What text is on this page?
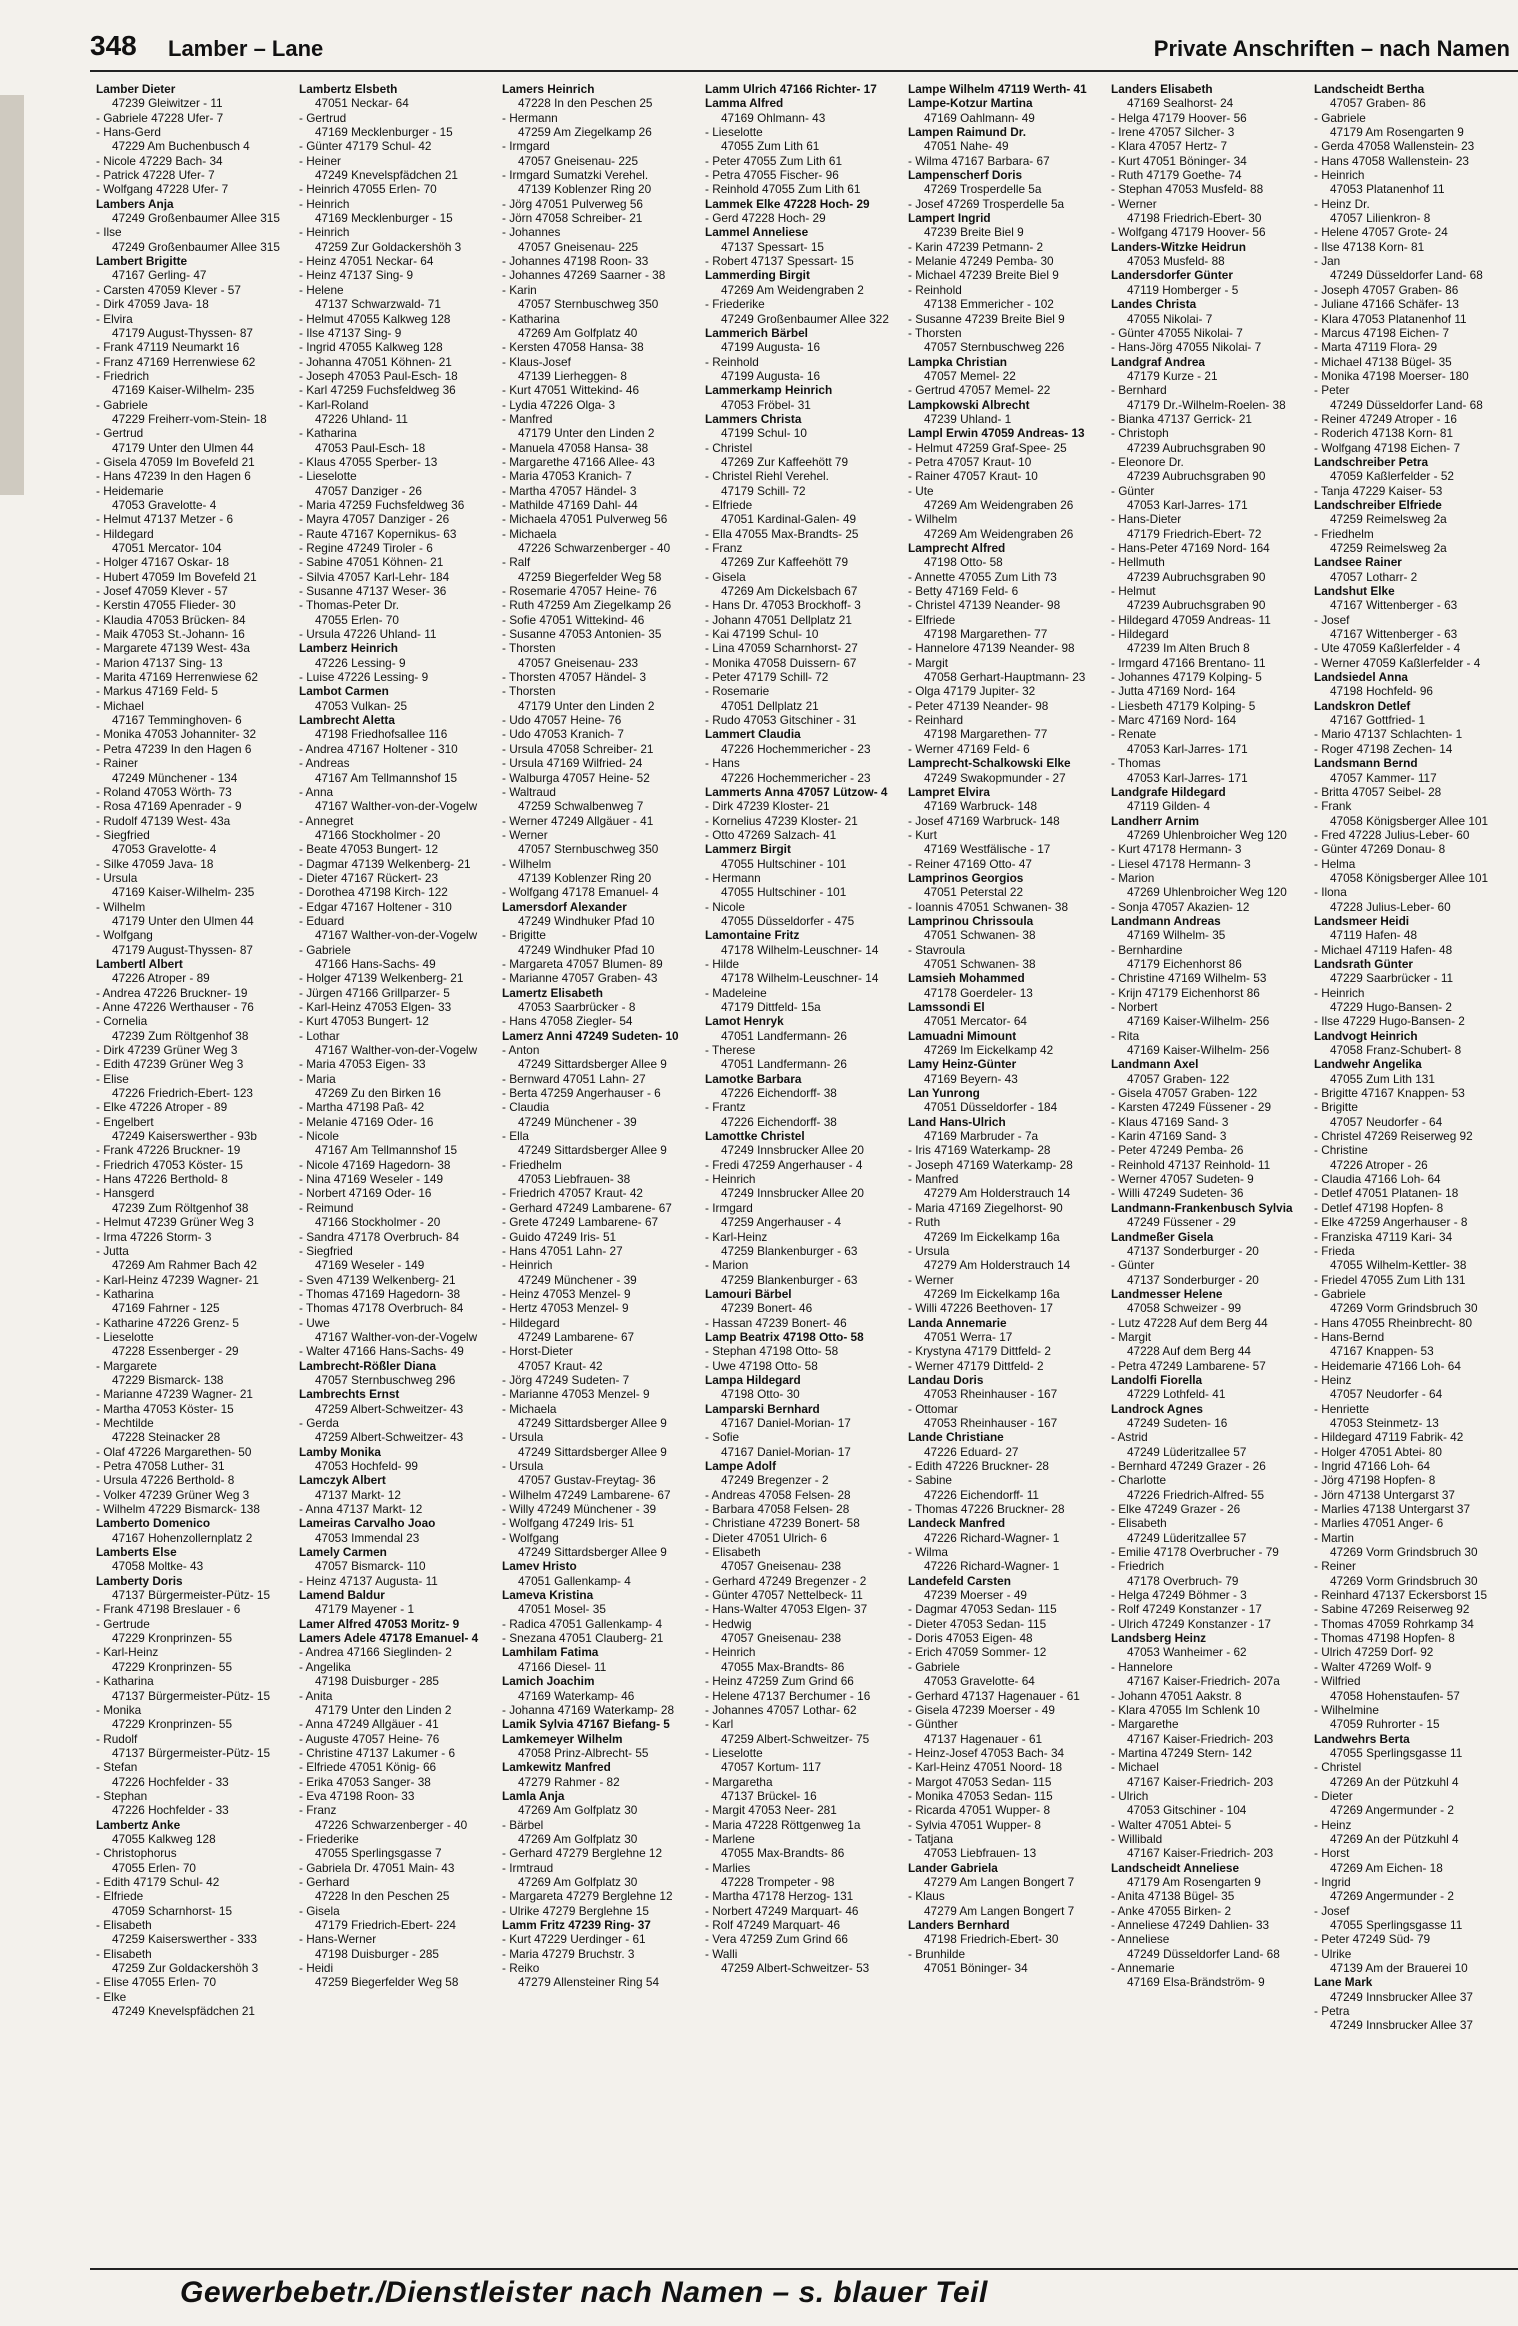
348 Lamber – Lane	Private Anschriften – nach Namen
Lamber Dieter
47239 Gleiwitzer - 11
- Gabriele 47228 Ufer- 7
- Hans-Gerd
47229 Am Buchenbusch 4
- Nicole 47229 Bach- 34
- Patrick 47228 Ufer- 7
- Wolfgang 47228 Ufer- 7
Lambers Anja
47249 Großenbaumer Allee 315
- Ilse
47249 Großenbaumer Allee 315
Lambert Brigitte
47167 Gerling- 47
- Carsten 47059 Klever - 57
- Dirk 47059 Java- 18
- Elvira
47179 August-Thyssen- 87
- Frank 47119 Neumarkt 16
- Franz 47169 Herrenwiese 62
- Friedrich
47169 Kaiser-Wilhelm- 235
- Gabriele
47229 Freiherr-vom-Stein- 18
- Gertrud
47179 Unter den Ulmen 44
- Gisela 47059 Im Bovefeld 21
- Hans 47239 In den Hagen 6
- Heidemarie
47053 Gravelotte- 4
- Helmut 47137 Metzer - 6
- Hildegard
47051 Mercator- 104
- Holger 47167 Oskar- 18
- Hubert 47059 Im Bovefeld 21
- Josef 47059 Klever - 57
- Kerstin 47055 Flieder- 30
- Klaudia 47053 Brücken- 84
- Maik 47053 St.-Johann- 16
- Margarete 47139 West- 43a
- Marion 47137 Sing- 13
- Marita 47169 Herrenwiese 62
- Markus 47169 Feld- 5
- Michael
47167 Temminghoven- 6
- Monika 47053 Johanniter- 32
- Petra 47239 In den Hagen 6
- Rainer
47249 Münchener - 134
- Roland 47053 Wörth- 73
- Rosa 47169 Apenrader - 9
- Rudolf 47139 West- 43a
- Siegfried
47053 Gravelotte- 4
- Silke 47059 Java- 18
- Ursula
47169 Kaiser-Wilhelm- 235
- Wilhelm
47179 Unter den Ulmen 44
- Wolfgang
47179 August-Thyssen- 87
Lambertl Albert
47226 Atroper - 89
- Andrea 47226 Bruckner- 19
- Anne 47226 Werthauser - 76
- Cornelia
47239 Zum Röltgenhof 38
- Dirk 47239 Grüner Weg 3
- Edith 47239 Grüner Weg 3
- Elise
47226 Friedrich-Ebert- 123
- Elke 47226 Atroper - 89
- Engelbert
47249 Kaiserswerther - 93b
- Frank 47226 Bruckner- 19
- Friedrich 47053 Köster- 15
- Hans 47226 Berthold- 8
- Hansgerd
47239 Zum Röltgenhof 38
- Helmut 47239 Grüner Weg 3
- Irma 47226 Storm- 3
- Jutta
47269 Am Rahmer Bach 42
- Karl-Heinz 47239 Wagner- 21
- Katharina
47169 Fahrner - 125
- Katharine 47226 Grenz- 5
- Lieselotte
47228 Essenberger - 29
- Margarete
47229 Bismarck- 138
- Marianne 47239 Wagner- 21
- Martha 47053 Köster- 15
- Mechtilde
47228 Steinacker 28
- Olaf 47226 Margarethen- 50
- Petra 47058 Luther- 31
- Ursula 47226 Berthold- 8
- Volker 47239 Grüner Weg 3
- Wilhelm 47229 Bismarck- 138
Lamberto Domenico
47167 Hohenzollernplatz 2
Lamberts Else
47058 Moltke- 43
Lamberty Doris
47137 Bürgermeister-Pütz- 15
- Frank 47198 Breslauer - 6
- Gertrude
47229 Kronprinzen- 55
- Karl-Heinz
47229 Kronprinzen- 55
- Katharina
47137 Bürgermeister-Pütz- 15
- Monika
47229 Kronprinzen- 55
- Rudolf
47137 Bürgermeister-Pütz- 15
- Stefan
47226 Hochfelder - 33
- Stephan
47226 Hochfelder - 33
Lambertz Anke
47055 Kalkweg 128
- Christophorus
47055 Erlen- 70
- Edith 47179 Schul- 42
- Elfriede
47059 Scharnhorst- 15
- Elisabeth
47259 Kaiserswerther - 333
- Elisabeth
47259 Zur Goldackershöh 3
- Elise 47055 Erlen- 70
- Elke
47249 Knevelspfädchen 21
Lambertz Elsbeth
47051 Neckar- 64
- Gertrud
47169 Mecklenburger - 15
- Günter 47179 Schul- 42
- Heiner
47249 Knevelspfädchen 21
- Heinrich 47055 Erlen- 70
- Heinrich
47169 Mecklenburger - 15
- Heinrich
47259 Zur Goldackershöh 3
- Heinz 47051 Neckar- 64
- Heinz 47137 Sing- 9
- Helene
47137 Schwarzwald- 71
- Helmut 47055 Kalkweg 128
- Ilse 47137 Sing- 9
- Ingrid 47055 Kalkweg 128
- Johanna 47051 Köhnen- 21
- Joseph 47053 Paul-Esch- 18
- Karl 47259 Fuchsfeldweg 36
- Karl-Roland
47226 Uhland- 11
- Katharina
47053 Paul-Esch- 18
- Klaus 47055 Sperber- 13
- Lieselotte
47057 Danziger - 26
- Maria 47259 Fuchsfeldweg 36
- Mayra 47057 Danziger - 26
- Raute 47167 Kopernikus- 63
- Regine 47249 Tiroler - 6
- Sabine 47051 Köhnen- 21
- Silvia 47057 Karl-Lehr- 184
- Susanne 47137 Weser- 36
- Thomas-Peter Dr.
47055 Erlen- 70
- Ursula 47226 Uhland- 11
Lamberz Heinrich
47226 Lessing- 9
- Luise 47226 Lessing- 9
Lambot Carmen
47053 Vulkan- 25
Lambrecht Aletta
47198 Friedhofsallee 116
- Andrea 47167 Holtener - 310
- Andreas
47167 Am Tellmannshof 15
- Anna
47167 Walther-von-der-Vogelw
- Annegret
47166 Stockholmer - 20
- Beate 47053 Bungert- 12
- Dagmar 47139 Welkenberg- 21
- Dieter 47167 Rückert- 23
- Dorothea 47198 Kirch- 122
- Edgar 47167 Holtener - 310
- Eduard
47167 Walther-von-der-Vogelw
- Gabriele
47166 Hans-Sachs- 49
- Holger 47139 Welkenberg- 21
- Jürgen 47166 Grillparzer- 5
- Karl-Heinz 47053 Elgen- 33
- Kurt 47053 Bungert- 12
- Lothar
47167 Walther-von-der-Vogelw
- Maria 47053 Eigen- 33
- Maria
47269 Zu den Birken 16
- Martha 47198 Paß- 42
- Melanie 47169 Oder- 16
- Nicole
47167 Am Tellmannshof 15
- Nicole 47169 Hagedorn- 38
- Nina 47169 Weseler - 149
- Norbert 47169 Oder- 16
- Reimund
47166 Stockholmer - 20
- Sandra 47178 Overbruch- 84
- Siegfried
47169 Weseler - 149
- Sven 47139 Welkenberg- 21
- Thomas 47169 Hagedorn- 38
- Thomas 47178 Overbruch- 84
- Uwe
47167 Walther-von-der-Vogelw
- Walter 47166 Hans-Sachs- 49
Lambrecht-Rößler Diana
47057 Sternbuschweg 296
Lambrechts Ernst
47259 Albert-Schweitzer- 43
- Gerda
47259 Albert-Schweitzer- 43
Lamby Monika
47053 Hochfeld- 99
Lamczyk Albert
47137 Markt- 12
- Anna 47137 Markt- 12
Lameiras Carvalho Joao
47053 Immendal 23
Lamely Carmen
47057 Bismarck- 110
- Heinz 47137 Augusta- 11
Lamend Baldur
47179 Mayener - 1
Lamer Alfred 47053 Moritz- 9
Lamers Adele 47178 Emanuel- 4
- Andrea 47166 Sieglinden- 2
- Angelika
47198 Duisburger - 285
- Anita
47179 Unter den Linden 2
- Anna 47249 Allgäuer - 41
- Auguste 47057 Heine- 76
- Christine 47137 Lakumer - 6
- Elfriede 47051 König- 66
- Erika 47053 Sanger- 38
- Eva 47198 Roon- 33
- Franz
47226 Schwarzenberger - 40
- Friederike
47055 Sperlingsgasse 7
- Gabriela Dr. 47051 Main- 43
- Gerhard
47228 In den Peschen 25
- Gisela
47179 Friedrich-Ebert- 224
- Hans-Werner
47198 Duisburger - 285
- Heidi
47259 Biegerfelder Weg 58
Lamers Heinrich
47228 In den Peschen 25
- Hermann
47259 Am Ziegelkamp 26
- Irmgard
47057 Gneisenau- 225
- Irmgard Sumatzki Verehel.
47139 Koblenzer Ring 20
- Jörg 47051 Pulverweg 56
- Jörn 47058 Schreiber- 21
- Johannes
47057 Gneisenau- 225
- Johannes 47198 Roon- 33
- Johannes 47269 Saarner - 38
- Karin
47057 Sternbuschweg 350
- Katharina
47269 Am Golfplatz 40
- Kersten 47058 Hansa- 38
- Klaus-Josef
47139 Lierheggen- 8
- Kurt 47051 Wittekind- 46
- Lydia 47226 Olga- 3
- Manfred
47179 Unter den Linden 2
- Manuela 47058 Hansa- 38
- Margarethe 47166 Allee- 43
- Maria 47053 Kranich- 7
- Martha 47057 Händel- 3
- Mathilde 47169 Dahl- 44
- Michaela 47051 Pulverweg 56
- Michaela
47226 Schwarzenberger - 40
- Ralf
47259 Biegerfelder Weg 58
- Rosemarie 47057 Heine- 76
- Ruth 47259 Am Ziegelkamp 26
- Sofie 47051 Wittekind- 46
- Susanne 47053 Antonien- 35
- Thorsten
47057 Gneisenau- 233
- Thorsten 47057 Händel- 3
- Thorsten
47179 Unter den Linden 2
- Udo 47057 Heine- 76
- Udo 47053 Kranich- 7
- Ursula 47058 Schreiber- 21
- Ursula 47169 Wilfried- 24
- Walburga 47057 Heine- 52
- Waltraud
47259 Schwalbenweg 7
- Werner 47249 Allgäuer - 41
- Werner
47057 Sternbuschweg 350
- Wilhelm
47139 Koblenzer Ring 20
- Wolfgang 47178 Emanuel- 4
Lamersdorf Alexander
47249 Windhuker Pfad 10
- Brigitte
47249 Windhuker Pfad 10
- Margareta 47057 Blumen- 89
- Marianne 47057 Graben- 43
Lamertz Elisabeth
47053 Saarbrücker - 8
- Hans 47058 Ziegler- 54
Lamerz Anni 47249 Sudeten- 10
- Anton
47249 Sittardsberger Allee 9
- Bernward 47051 Lahn- 27
- Berta 47259 Angerhauser - 6
- Claudia
47249 Münchener - 39
- Ella
47249 Sittardsberger Allee 9
- Friedhelm
47053 Liebfrauen- 38
- Friedrich 47057 Kraut- 42
- Gerhard 47249 Lambarene- 67
- Grete 47249 Lambarene- 67
- Guido 47249 Iris- 51
- Hans 47051 Lahn- 27
- Heinrich
47249 Münchener - 39
- Heinz 47053 Menzel- 9
- Hertz 47053 Menzel- 9
- Hildegard
47249 Lambarene- 67
- Horst-Dieter
47057 Kraut- 42
- Jörg 47249 Sudeten- 7
- Marianne 47053 Menzel- 9
- Michaela
47249 Sittardsberger Allee 9
- Ursula
47249 Sittardsberger Allee 9
- Ursula
47057 Gustav-Freytag- 36
- Wilhelm 47249 Lambarene- 67
- Willy 47249 Münchener - 39
- Wolfgang 47249 Iris- 51
- Wolfgang
47249 Sittardsberger Allee 9
Lamev Hristo
47051 Gallenkamp- 4
Lameva Kristina
47051 Mosel- 35
- Radica 47051 Gallenkamp- 4
- Snezana 47051 Clauberg- 21
Lamhilam Fatima
47166 Diesel- 11
Lamich Joachim
47169 Waterkamp- 46
- Johanna 47169 Waterkamp- 28
Lamik Sylvia 47167 Biefang- 5
Lamkemeyer Wilhelm
47058 Prinz-Albrecht- 55
Lamkewitz Manfred
47279 Rahmer - 82
Lamla Anja
47269 Am Golfplatz 30
- Bärbel
47269 Am Golfplatz 30
- Gerhard 47279 Berglehne 12
- Irmtraud
47269 Am Golfplatz 30
- Margareta 47279 Berglehne 12
- Ulrike 47279 Berglehne 15
Lamm Fritz 47239 Ring- 37
- Kurt 47229 Uerdinger - 61
- Maria 47279 Bruchstr. 3
- Reiko
47279 Allensteiner Ring 54
Lamm Ulrich 47166 Richter- 17
Lamma Alfred
47169 Ohlmann- 43
- Lieselotte
47055 Zum Lith 61
- Peter 47055 Zum Lith 61
- Petra 47055 Fischer- 96
- Reinhold 47055 Zum Lith 61
Lammek Elke 47228 Hoch- 29
- Gerd 47228 Hoch- 29
Lammel Anneliese
47137 Spessart- 15
- Robert 47137 Spessart- 15
Lammerding Birgit
47269 Am Weidengraben 2
- Friederike
47249 Großenbaumer Allee 322
Lammerich Bärbel
47199 Augusta- 16
- Reinhold
47199 Augusta- 16
Lammerkamp Heinrich
47053 Fröbel- 31
Lammers Christa
47199 Schul- 10
- Christel
47269 Zur Kaffeehött 79
- Christel Riehl Verehel.
47179 Schill- 72
- Elfriede
47051 Kardinal-Galen- 49
- Ella 47055 Max-Brandts- 25
- Franz
47269 Zur Kaffeehött 79
- Gisela
47269 Am Dickelsbach 67
- Hans Dr. 47053 Brockhoff- 3
- Johann 47051 Dellplatz 21
- Kai 47199 Schul- 10
- Lina 47059 Scharnhorst- 27
- Monika 47058 Duissern- 67
- Peter 47179 Schill- 72
- Rosemarie
47051 Dellplatz 21
- Rudo 47053 Gitschiner - 31
Lammert Claudia
47226 Hochemmericher - 23
- Hans
47226 Hochemmericher - 23
Lammerts Anna 47057 Lützow- 4
- Dirk 47239 Kloster- 21
- Kornelius 47239 Kloster- 21
- Otto 47269 Salzach- 41
Lammerz Birgit
47055 Hultschiner - 101
- Hermann
47055 Hultschiner - 101
- Nicole
47055 Düsseldorfer - 475
Lamontaine Fritz
47178 Wilhelm-Leuschner- 14
- Hilde
47178 Wilhelm-Leuschner- 14
- Madeleine
47179 Dittfeld- 15a
Lamot Henryk
47051 Landfermann- 26
- Therese
47051 Landfermann- 26
Lamotke Barbara
47226 Eichendorff- 38
- Frantz
47226 Eichendorff- 38
Lamottke Christel
47249 Innsbrucker Allee 20
- Fredi 47259 Angerhauser - 4
- Heinrich
47249 Innsbrucker Allee 20
- Irmgard
47259 Angerhauser - 4
- Karl-Heinz
47259 Blankenburger - 63
- Marion
47259 Blankenburger - 63
Lamouri Bärbel
47239 Bonert- 46
- Hassan 47239 Bonert- 46
Lamp Beatrix 47198 Otto- 58
- Stephan 47198 Otto- 58
- Uwe 47198 Otto- 58
Lampa Hildegard
47198 Otto- 30
Lamparski Bernhard
47167 Daniel-Morian- 17
- Sofie
47167 Daniel-Morian- 17
Lampe Adolf
47249 Bregenzer - 2
- Andreas 47058 Felsen- 28
- Barbara 47058 Felsen- 28
- Christiane 47239 Bonert- 58
- Dieter 47051 Ulrich- 6
- Elisabeth
47057 Gneisenau- 238
- Gerhard 47249 Bregenzer - 2
- Günter 47057 Nettelbeck- 11
- Hans-Walter 47053 Elgen- 37
- Hedwig
47057 Gneisenau- 238
- Heinrich
47055 Max-Brandts- 86
- Heinz 47259 Zum Grind 66
- Helene 47137 Berchumer - 16
- Johannes 47057 Lothar- 62
- Karl
47259 Albert-Schweitzer- 75
- Lieselotte
47057 Kortum- 117
- Margaretha
47137 Brückel- 16
- Margit 47053 Neer- 281
- Maria 47228 Röttgenweg 1a
- Marlene
47055 Max-Brandts- 86
- Marlies
47228 Trompeter - 98
- Martha 47178 Herzog- 131
- Norbert 47249 Marquart- 46
- Rolf 47249 Marquart- 46
- Vera 47259 Zum Grind 66
- Walli
47259 Albert-Schweitzer- 53
Lampe Wilhelm 47119 Werth- 41
Lampe-Kotzur Martina
47169 Oahlmann- 49
Lampen Raimund Dr.
47051 Nahe- 49
- Wilma 47167 Barbara- 67
Lampenscherf Doris
47269 Trosperdelle 5a
- Josef 47269 Trosperdelle 5a
Lampert Ingrid
47239 Breite Biel 9
- Karin 47239 Petmann- 2
- Melanie 47249 Pemba- 30
- Michael 47239 Breite Biel 9
- Reinhold
47138 Emmericher - 102
- Susanne 47239 Breite Biel 9
- Thorsten
47057 Sternbuschweg 226
Lampka Christian
47057 Memel- 22
- Gertrud 47057 Memel- 22
Lampkowski Albrecht
47239 Uhland- 1
Lampl Erwin 47059 Andreas- 13
- Helmut 47259 Graf-Spee- 25
- Petra 47057 Kraut- 10
- Rainer 47057 Kraut- 10
- Ute
47269 Am Weidengraben 26
- Wilhelm
47269 Am Weidengraben 26
Lamprecht Alfred
47198 Otto- 58
- Annette 47055 Zum Lith 73
- Betty 47169 Feld- 6
- Christel 47139 Neander- 98
- Elfriede
47198 Margarethen- 77
- Hannelore 47139 Neander- 98
- Margit
47058 Gerhart-Hauptmann- 23
- Olga 47179 Jupiter- 32
- Peter 47139 Neander- 98
- Reinhard
47198 Margarethen- 77
- Werner 47169 Feld- 6
Lamprecht-Schalkowski Elke
47249 Swakopmunder - 27
Lampret Elvira
47169 Warbruck- 148
- Josef 47169 Warbruck- 148
- Kurt
47169 Westfälische - 17
- Reiner 47169 Otto- 47
Lamprinos Georgios
47051 Peterstal 22
- Ioannis 47051 Schwanen- 38
Lamprinou Chrissoula
47051 Schwanen- 38
- Stavroula
47051 Schwanen- 38
Lamsieh Mohammed
47178 Goerdeler- 13
Lamssondi El
47051 Mercator- 64
Lamuadni Mimount
47269 Im Eickelkamp 42
Lamy Heinz-Günter
47169 Beyern- 43
Lan Yunrong
47051 Düsseldorfer - 184
Land Hans-Ulrich
47169 Marbruder - 7a
- Iris 47169 Waterkamp- 28
- Joseph 47169 Waterkamp- 28
- Manfred
47279 Am Holderstrauch 14
- Maria 47169 Ziegelhorst- 90
- Ruth
47269 Im Eickelkamp 16a
- Ursula
47279 Am Holderstrauch 14
- Werner
47269 Im Eickelkamp 16a
- Willi 47226 Beethoven- 17
Landa Annemarie
47051 Werra- 17
- Krystyna 47179 Dittfeld- 2
- Werner 47179 Dittfeld- 2
Landau Doris
47053 Rheinhauser - 167
- Ottomar
47053 Rheinhauser - 167
Lande Christiane
47226 Eduard- 27
- Edith 47226 Bruckner- 28
- Sabine
47226 Eichendorff- 11
- Thomas 47226 Bruckner- 28
Landeck Manfred
47226 Richard-Wagner- 1
- Wilma
47226 Richard-Wagner- 1
Landefeld Carsten
47239 Moerser - 49
- Dagmar 47053 Sedan- 115
- Dieter 47053 Sedan- 115
- Doris 47053 Eigen- 48
- Erich 47059 Sommer- 12
- Gabriele
47053 Gravelotte- 64
- Gerhard 47137 Hagenauer - 61
- Gisela 47239 Moerser - 49
- Günther
47137 Hagenauer - 61
- Heinz-Josef 47053 Bach- 34
- Karl-Heinz 47051 Noord- 18
- Margot 47053 Sedan- 115
- Monika 47053 Sedan- 115
- Ricarda 47051 Wupper- 8
- Sylvia 47051 Wupper- 8
- Tatjana
47053 Liebfrauen- 13
Lander Gabriela
47279 Am Langen Bongert 7
- Klaus
47279 Am Langen Bongert 7
Landers Bernhard
47198 Friedrich-Ebert- 30
- Brunhilde
47051 Böninger- 34
Landers Elisabeth
47169 Sealhorst- 24
- Helga 47179 Hoover- 56
- Irene 47057 Silcher- 3
- Klara 47057 Hertz- 7
- Kurt 47051 Böninger- 34
- Ruth 47179 Goethe- 74
- Stephan 47053 Musfeld- 88
- Werner
47198 Friedrich-Ebert- 30
- Wolfgang 47179 Hoover- 56
Landers-Witzke Heidrun
47053 Musfeld- 88
Landersdorfer Günter
47119 Homberger - 5
Landes Christa
47055 Nikolai- 7
- Günter 47055 Nikolai- 7
- Hans-Jörg 47055 Nikolai- 7
Landgraf Andrea
47179 Kurze - 21
- Bernhard
47179 Dr.-Wilhelm-Roelen- 38
- Bianka 47137 Gerrick- 21
- Christoph
47239 Aubruchsgraben 90
- Eleonore Dr.
47239 Aubruchsgraben 90
- Günter
47053 Karl-Jarres- 171
- Hans-Dieter
47179 Friedrich-Ebert- 72
- Hans-Peter 47169 Nord- 164
- Hellmuth
47239 Aubruchsgraben 90
- Helmut
47239 Aubruchsgraben 90
- Hildegard 47059 Andreas- 11
- Hildegard
47239 Im Alten Bruch 8
- Irmgard 47166 Brentano- 11
- Johannes 47179 Kolping- 5
- Jutta 47169 Nord- 164
- Liesbeth 47179 Kolping- 5
- Marc 47169 Nord- 164
- Renate
47053 Karl-Jarres- 171
- Thomas
47053 Karl-Jarres- 171
Landgrafe Hildegard
47119 Gilden- 4
Landherr Arnim
47269 Uhlenbroicher Weg 120
- Kurt 47178 Hermann- 3
- Liesel 47178 Hermann- 3
- Marion
47269 Uhlenbroicher Weg 120
- Sonja 47057 Akazien- 12
Landmann Andreas
47169 Wilhelm- 35
- Bernhardine
47179 Eichenhorst 86
- Christine 47169 Wilhelm- 53
- Krijn 47179 Eichenhorst 86
- Norbert
47169 Kaiser-Wilhelm- 256
- Rita
47169 Kaiser-Wilhelm- 256
Landmann Axel
47057 Graben- 122
- Gisela 47057 Graben- 122
- Karsten 47249 Füssener - 29
- Klaus 47169 Sand- 3
- Karin 47169 Sand- 3
- Peter 47249 Pemba- 26
- Reinhold 47137 Reinhold- 11
- Werner 47057 Sudeten- 9
- Willi 47249 Sudeten- 36
Landmann-Frankenbusch Sylvia
47249 Füssener - 29
Landmeßer Gisela
47137 Sonderburger - 20
- Günter
47137 Sonderburger - 20
Landmesser Helene
47058 Schweizer - 99
- Lutz 47228 Auf dem Berg 44
- Margit
47228 Auf dem Berg 44
- Petra 47249 Lambarene- 57
Landolfi Fiorella
47229 Lothfeld- 41
Landrock Agnes
47249 Sudeten- 16
- Astrid
47249 Lüderitzallee 57
- Bernhard 47249 Grazer - 26
- Charlotte
47226 Friedrich-Alfred- 55
- Elke 47249 Grazer - 26
- Elisabeth
47249 Lüderitzallee 57
- Emilie 47178 Overbrucher - 79
- Friedrich
47178 Overbruch- 79
- Helga 47249 Böhmer - 3
- Rolf 47249 Konstanzer - 17
- Ulrich 47249 Konstanzer - 17
Landsberg Heinz
47053 Wanheimer - 62
- Hannelore
47167 Kaiser-Friedrich- 207a
- Johann 47051 Aakstr. 8
- Klara 47055 Im Schlenk 10
- Margarethe
47167 Kaiser-Friedrich- 203
- Martina 47249 Stern- 142
- Michael
47167 Kaiser-Friedrich- 203
- Ulrich
47053 Gitschiner - 104
- Walter 47051 Abtei- 5
- Willibald
47167 Kaiser-Friedrich- 203
Landscheidt Anneliese
47179 Am Rosengarten 9
- Anita 47138 Bügel- 35
- Anke 47055 Birken- 2
- Anneliese 47249 Dahlien- 33
- Anneliese
47249 Düsseldorfer Land- 68
- Annemarie
47169 Elsa-Brändström- 9
Landscheidt Bertha
47057 Graben- 86
- Gabriele
47179 Am Rosengarten 9
- Gerda 47058 Wallenstein- 23
- Hans 47058 Wallenstein- 23
- Heinrich
47053 Platanenhof 11
- Heinz Dr.
47057 Lilienkron- 8
- Helene 47057 Grote- 24
- Ilse 47138 Korn- 81
- Jan
47249 Düsseldorfer Land- 68
- Joseph 47057 Graben- 86
- Juliane 47166 Schäfer- 13
- Klara 47053 Platanenhof 11
- Marcus 47198 Eichen- 7
- Marta 47119 Flora- 29
- Michael 47138 Bügel- 35
- Monika 47198 Moerser- 180
- Peter
47249 Düsseldorfer Land- 68
- Reiner 47249 Atroper - 16
- Roderich 47138 Korn- 81
- Wolfgang 47198 Eichen- 7
Landschreiber Petra
47059 Kaßlerfelder - 52
- Tanja 47229 Kaiser- 53
Landschreiber Elfriede
47259 Reimelsweg 2a
- Friedhelm
47259 Reimelsweg 2a
Landsee Rainer
47057 Lotharr- 2
Landshut Elke
47167 Wittenberger - 63
- Josef
47167 Wittenberger - 63
- Ute 47059 Kaßlerfelder - 4
- Werner 47059 Kaßlerfelder - 4
Landsiedel Anna
47198 Hochfeld- 96
Landskron Detlef
47167 Gottfried- 1
- Mario 47137 Schlachten- 1
- Roger 47198 Zechen- 14
Landsmann Bernd
47057 Kammer- 117
- Britta 47057 Seibel- 28
- Frank
47058 Königsberger Allee 101
- Fred 47228 Julius-Leber- 60
- Günter 47269 Donau- 8
- Helma
47058 Königsberger Allee 101
- Ilona
47228 Julius-Leber- 60
Landsmeer Heidi
47119 Hafen- 48
- Michael 47119 Hafen- 48
Landsrath Günter
47229 Saarbrücker - 11
- Heinrich
47229 Hugo-Bansen- 2
- Ilse 47229 Hugo-Bansen- 2
Landvogt Heinrich
47058 Franz-Schubert- 8
Landwehr Angelika
47055 Zum Lith 131
- Brigitte 47167 Knappen- 53
- Brigitte
47057 Neudorfer - 64
- Christel 47269 Reiserweg 92
- Christine
47226 Atroper - 26
- Claudia 47166 Loh- 64
- Detlef 47051 Platanen- 18
- Detlef 47198 Hopfen- 8
- Elke 47259 Angerhauser - 8
- Franziska 47119 Kari- 34
- Frieda
47055 Wilhelm-Kettler- 38
- Friedel 47055 Zum Lith 131
- Gabriele
47269 Vorm Grindsbruch 30
- Hans 47055 Rheinbrecht- 80
- Hans-Bernd
47167 Knappen- 53
- Heidemarie 47166 Loh- 64
- Heinz
47057 Neudorfer - 64
- Henriette
47053 Steinmetz- 13
- Hildegard 47119 Fabrik- 42
- Holger 47051 Abtei- 80
- Ingrid 47166 Loh- 64
- Jörg 47198 Hopfen- 8
- Jörn 47138 Untergarst 37
- Marlies 47138 Untergarst 37
- Marlies 47051 Anger- 6
- Martin
47269 Vorm Grindsbruch 30
- Reiner
47269 Vorm Grindsbruch 30
- Reinhard 47137 Eckersborst 15
- Sabine 47269 Reiserweg 92
- Thomas 47059 Rohrkamp 34
- Thomas 47198 Hopfen- 8
- Ulrich 47259 Dorf- 92
- Walter 47269 Wolf- 9
- Wilfried
47058 Hohenstaufen- 57
- Wilhelmine
47059 Ruhrorter - 15
Landwehrs Berta
47055 Sperlingsgasse 11
- Christel
47269 An der Pützkuhl 4
- Dieter
47269 Angermunder - 2
- Heinz
47269 An der Pützkuhl 4
- Horst
47269 Am Eichen- 18
- Ingrid
47269 Angermunder - 2
- Josef
47055 Sperlingsgasse 11
- Peter 47249 Süd- 79
- Ulrike
47139 Am der Brauerei 10
Lane Mark
47249 Innsbrucker Allee 37
- Petra
47249 Innsbrucker Allee 37
Gewerbebetr./Dienstleister nach Namen – s. blauer Teil
